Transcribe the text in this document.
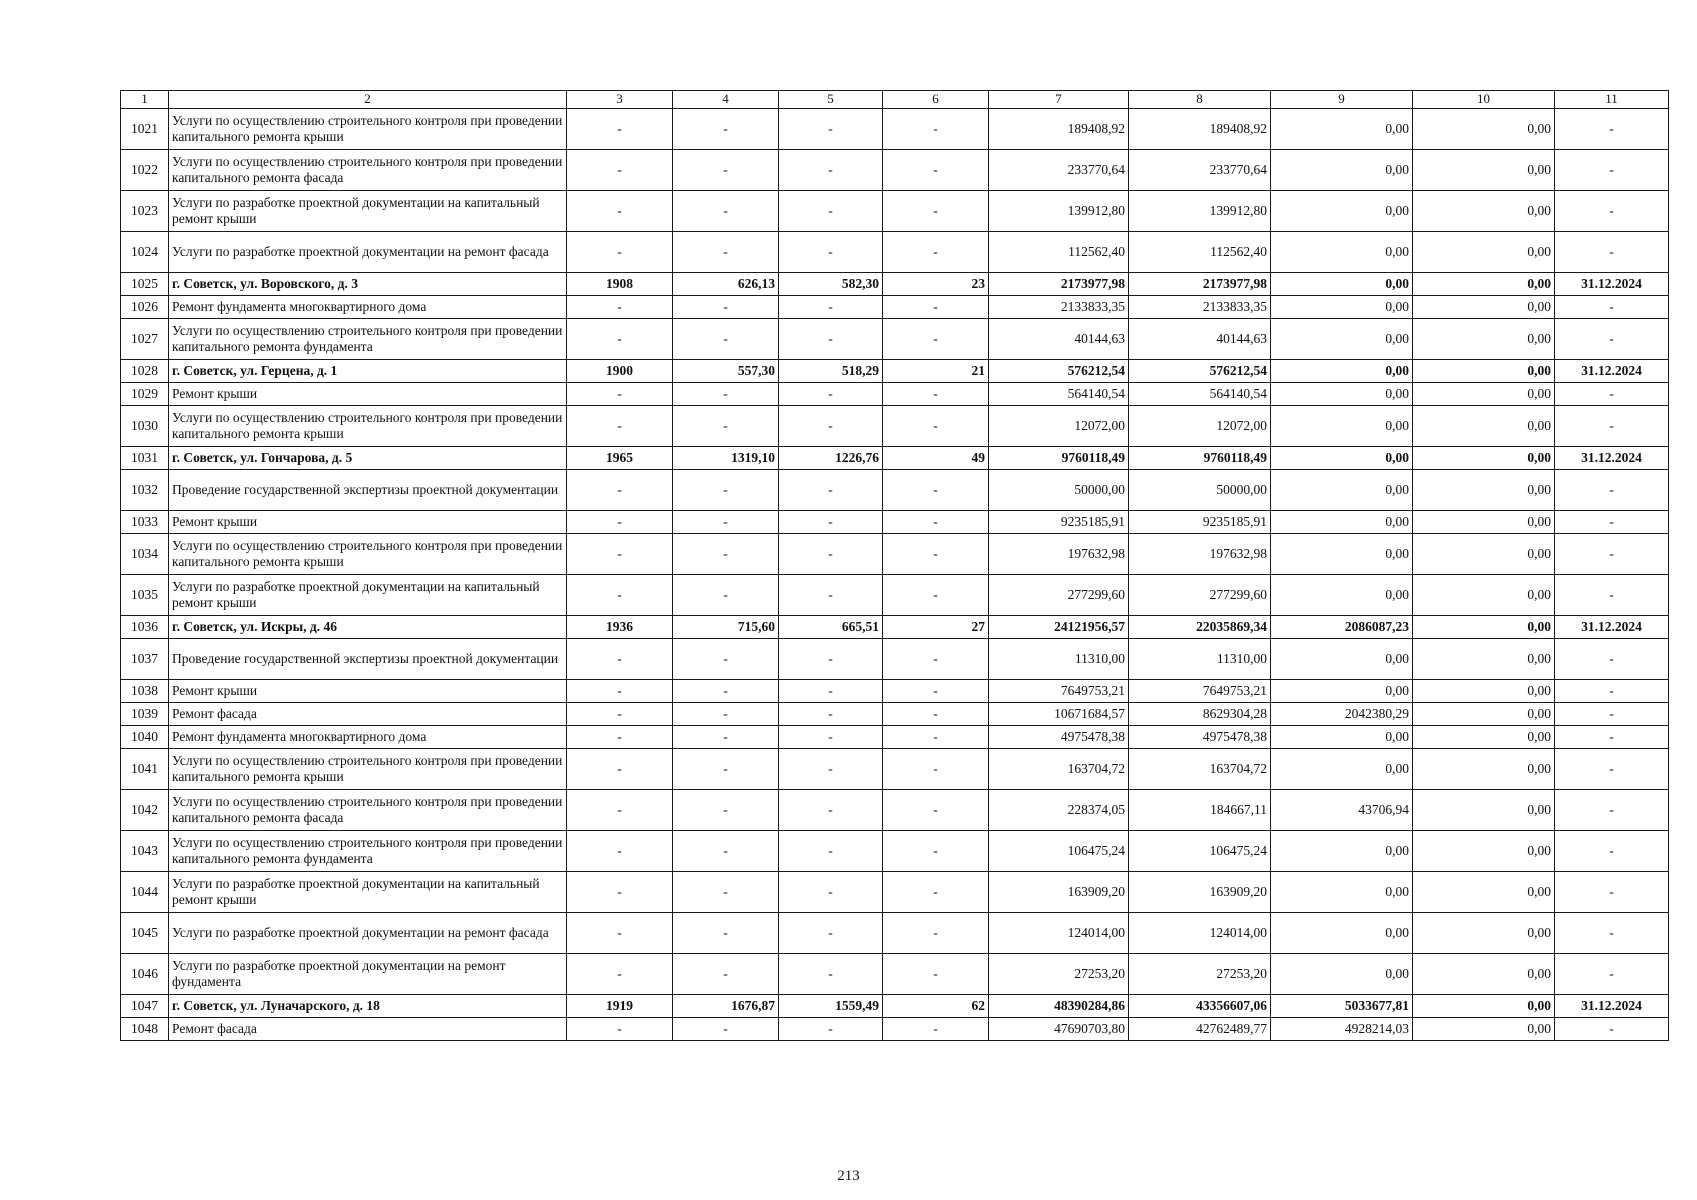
1	2	3	4	5	6	7	8	9	10	11
1021	Услуги по осуществлению строительного контроля при проведении капитального ремонта крыши	-	-	-	-	189408,92	189408,92	0,00	0,00	-
1022	Услуги по осуществлению строительного контроля при проведении капитального ремонта фасада	-	-	-	-	233770,64	233770,64	0,00	0,00	-
1023	Услуги по разработке проектной документации на капитальный ремонт крыши	-	-	-	-	139912,80	139912,80	0,00	0,00	-
1024	Услуги по разработке проектной документации на ремонт фасада	-	-	-	-	112562,40	112562,40	0,00	0,00	-
1025	г. Советск, ул. Воровского, д. 3	1908	626,13	582,30	23	2173977,98	2173977,98	0,00	0,00	31.12.2024
1026	Ремонт фундамента многоквартирного дома	-	-	-	-	2133833,35	2133833,35	0,00	0,00	-
1027	Услуги по осуществлению строительного контроля при проведении капитального ремонта фундамента	-	-	-	-	40144,63	40144,63	0,00	0,00	-
1028	г. Советск, ул. Герцена, д. 1	1900	557,30	518,29	21	576212,54	576212,54	0,00	0,00	31.12.2024
1029	Ремонт крыши	-	-	-	-	564140,54	564140,54	0,00	0,00	-
1030	Услуги по осуществлению строительного контроля при проведении капитального ремонта крыши	-	-	-	-	12072,00	12072,00	0,00	0,00	-
1031	г. Советск, ул. Гончарова, д. 5	1965	1319,10	1226,76	49	9760118,49	9760118,49	0,00	0,00	31.12.2024
1032	Проведение государственной экспертизы проектной документации	-	-	-	-	50000,00	50000,00	0,00	0,00	-
1033	Ремонт крыши	-	-	-	-	9235185,91	9235185,91	0,00	0,00	-
1034	Услуги по осуществлению строительного контроля при проведении капитального ремонта крыши	-	-	-	-	197632,98	197632,98	0,00	0,00	-
1035	Услуги по разработке проектной документации на капитальный ремонт крыши	-	-	-	-	277299,60	277299,60	0,00	0,00	-
1036	г. Советск, ул. Искры, д. 46	1936	715,60	665,51	27	24121956,57	22035869,34	2086087,23	0,00	31.12.2024
1037	Проведение государственной экспертизы проектной документации	-	-	-	-	11310,00	11310,00	0,00	0,00	-
1038	Ремонт крыши	-	-	-	-	7649753,21	7649753,21	0,00	0,00	-
1039	Ремонт фасада	-	-	-	-	10671684,57	8629304,28	2042380,29	0,00	-
1040	Ремонт фундамента многоквартирного дома	-	-	-	-	4975478,38	4975478,38	0,00	0,00	-
1041	Услуги по осуществлению строительного контроля при проведении капитального ремонта крыши	-	-	-	-	163704,72	163704,72	0,00	0,00	-
1042	Услуги по осуществлению строительного контроля при проведении капитального ремонта фасада	-	-	-	-	228374,05	184667,11	43706,94	0,00	-
1043	Услуги по осуществлению строительного контроля при проведении капитального ремонта фундамента	-	-	-	-	106475,24	106475,24	0,00	0,00	-
1044	Услуги по разработке проектной документации на капитальный ремонт крыши	-	-	-	-	163909,20	163909,20	0,00	0,00	-
1045	Услуги по разработке проектной документации на ремонт фасада	-	-	-	-	124014,00	124014,00	0,00	0,00	-
1046	Услуги по разработке проектной документации на ремонт фундамента	-	-	-	-	27253,20	27253,20	0,00	0,00	-
1047	г. Советск, ул. Луначарского, д. 18	1919	1676,87	1559,49	62	48390284,86	43356607,06	5033677,81	0,00	31.12.2024
1048	Ремонт фасада	-	-	-	-	47690703,80	42762489,77	4928214,03	0,00	-
213
